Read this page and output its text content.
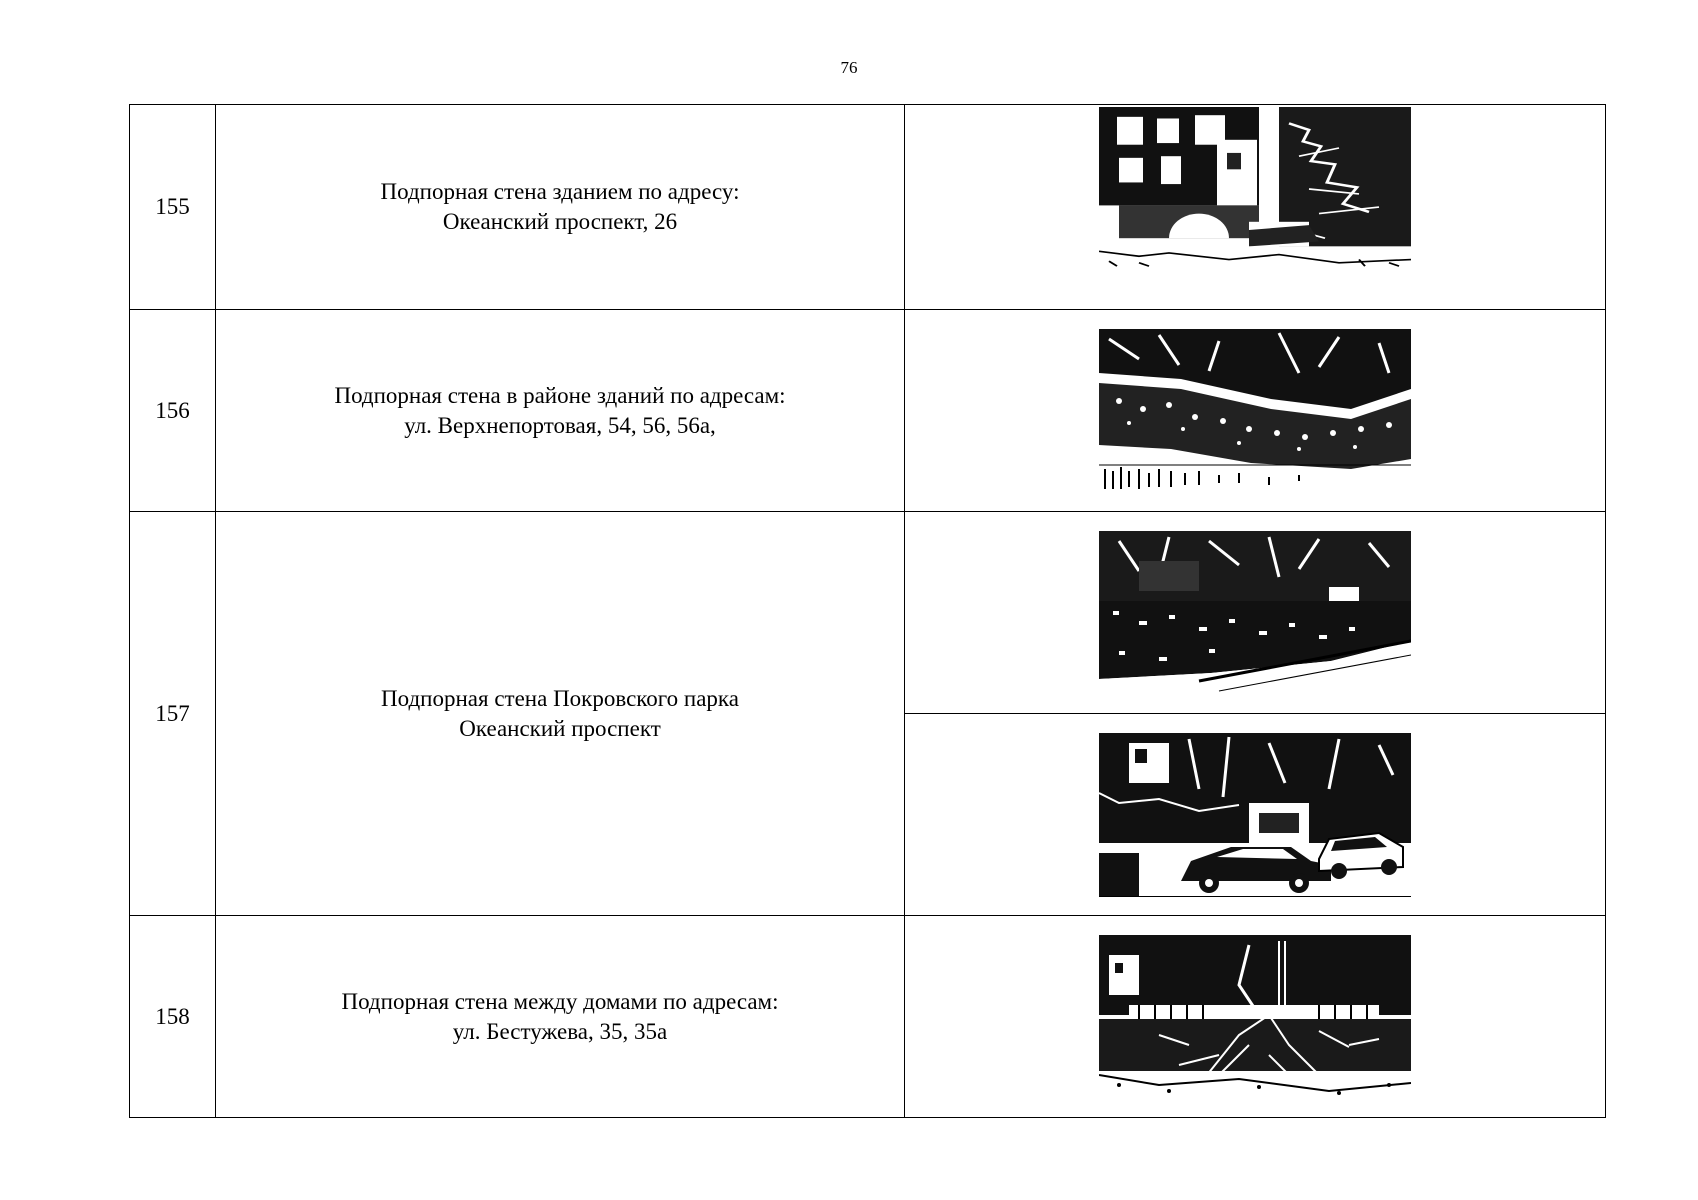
76
155	Подпорная стена зданием по адресу:
Океанский проспект, 26

156	Подпорная стена в районе зданий по адресам:
ул. Верхнепортовая, 54, 56, 56а,

157	Подпорная стена Покровского парка
Океанский проспект

158	Подпорная стена между домами по адресам:
ул. Бестужева, 35, 35а
